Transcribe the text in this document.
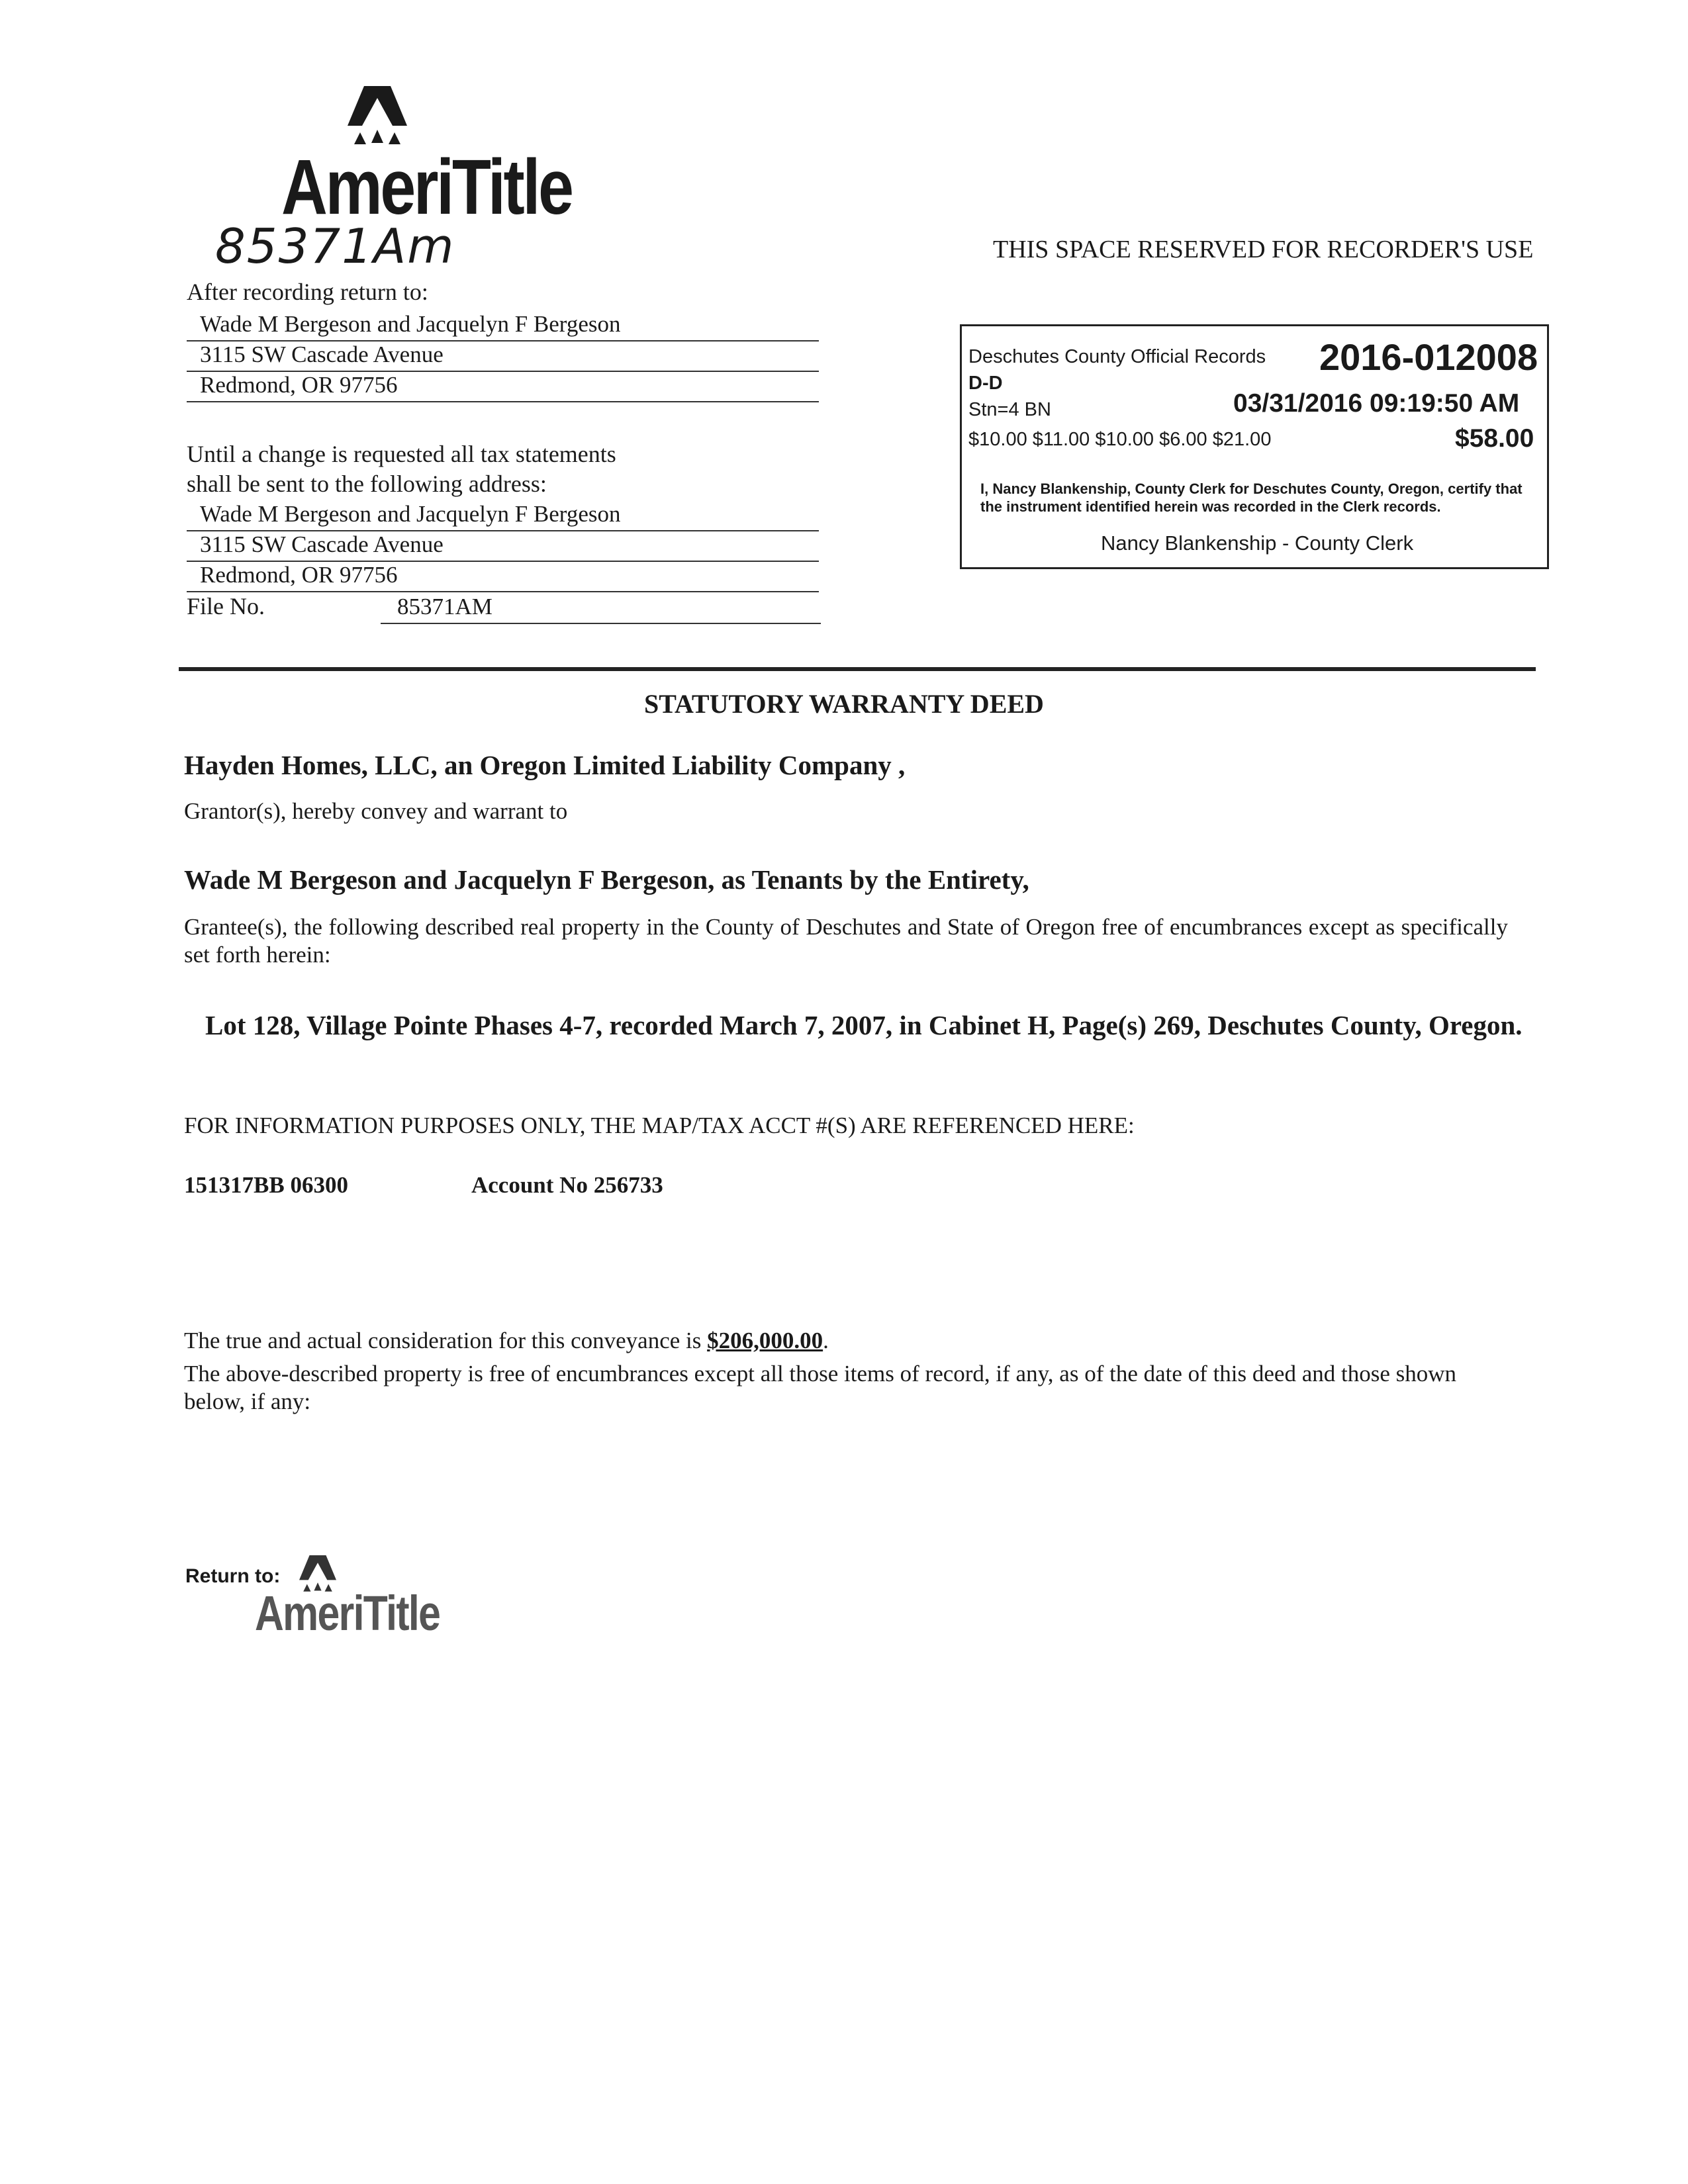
AmeriTitle
85371Am	THIS SPACE RESERVED FOR RECORDER'S USE
After recording return to:
Wade M Bergeson and Jacquelyn F Bergeson
3115 SW Cascade Avenue
Redmond, OR 97756
Until a change is requested all tax statements
shall be sent to the following address:
Wade M Bergeson and Jacquelyn F Bergeson
3115 SW Cascade Avenue
Redmond, OR 97756
File No.	85371AM
Deschutes County Official Records 2016-012008
D-D
Stn=4 BN	03/31/2016 09:19:50 AM
$10.00 $11.00 $10.00 $6.00 $21.00	$58.00
I, Nancy Blankenship, County Clerk for Deschutes County, Oregon, certify that the instrument identified herein was recorded in the Clerk records.
Nancy Blankenship - County Clerk
STATUTORY WARRANTY DEED
Hayden Homes, LLC, an Oregon Limited Liability Company ,
Grantor(s), hereby convey and warrant to
Wade M Bergeson and Jacquelyn F Bergeson, as Tenants by the Entirety,
Grantee(s), the following described real property in the County of Deschutes and State of Oregon free of encumbrances except as specifically set forth herein:
Lot 128, Village Pointe Phases 4-7, recorded March 7, 2007, in Cabinet H, Page(s) 269, Deschutes County, Oregon.
FOR INFORMATION PURPOSES ONLY, THE MAP/TAX ACCT #(S) ARE REFERENCED HERE:
151317BB 06300	Account No 256733
The true and actual consideration for this conveyance is $206,000.00.
The above-described property is free of encumbrances except all those items of record, if any, as of the date of this deed and those shown below, if any:
Return to:
AmeriTitle
